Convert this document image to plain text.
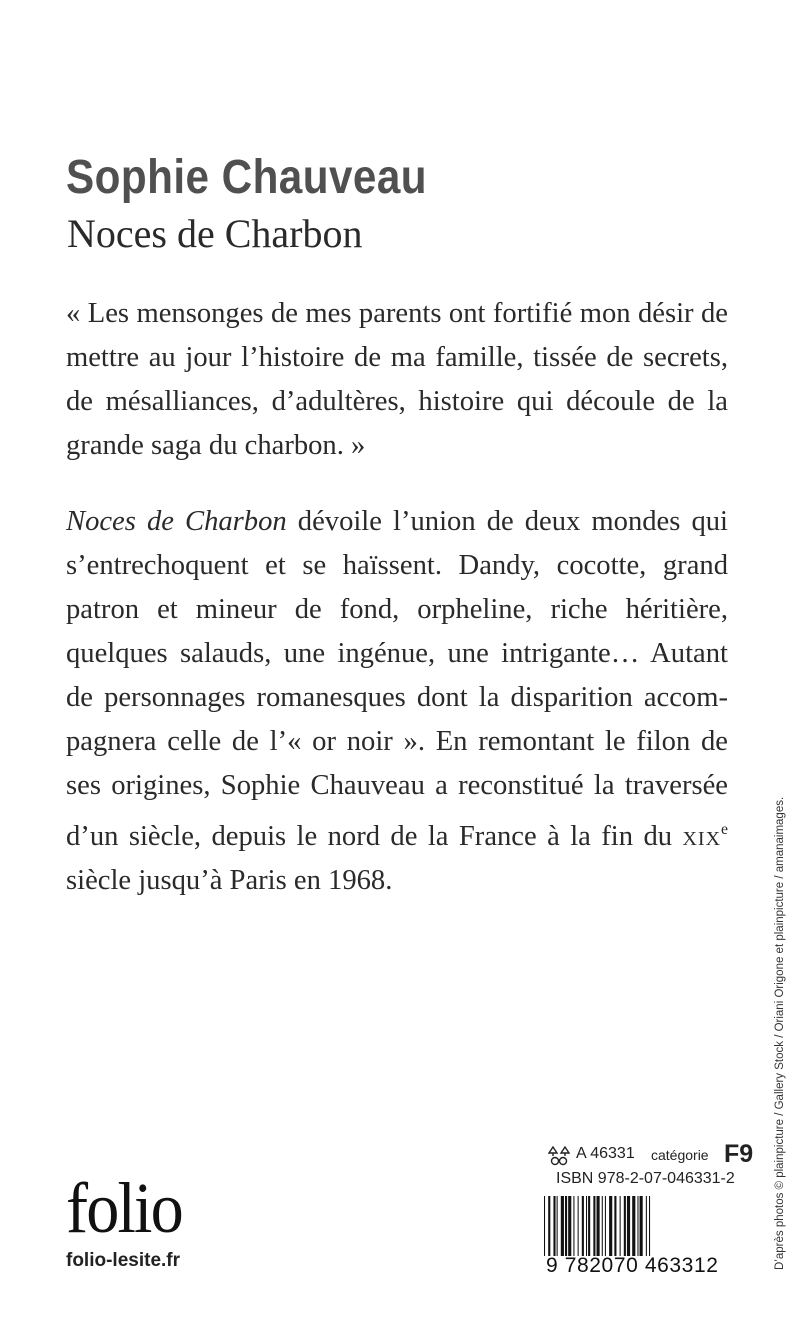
Sophie Chauveau
Noces de Charbon

« Les mensonges de mes parents ont fortifié mon désir de mettre au jour l’histoire de ma famille, tissée de secrets, de mésalliances, d’adultères, histoire qui découle de la grande saga du charbon. »

Noces de Charbon dévoile l’union de deux mondes qui s’entrechoquent et se haïssent. Dandy, cocotte, grand patron et mineur de fond, orpheline, riche héritière, quelques salauds, une ingénue, une intrigante… Autant de personnages romanesques dont la disparition accompagnera celle de l’« or noir ». En remontant le filon de ses origines, Sophie Chauveau a reconstitué la traversée d’un siècle, depuis le nord de la France à la fin du xix$^e$ siècle jusqu’à Paris en 1968.

A 46331 catégorie F9
ISBN 978-2-07-046331-2
9 782070 463312
folio
folio-lesite.fr	D’après photos © plainpicture / Gallery Stock / Oriani Origone et plainpicture / amanaimages.
